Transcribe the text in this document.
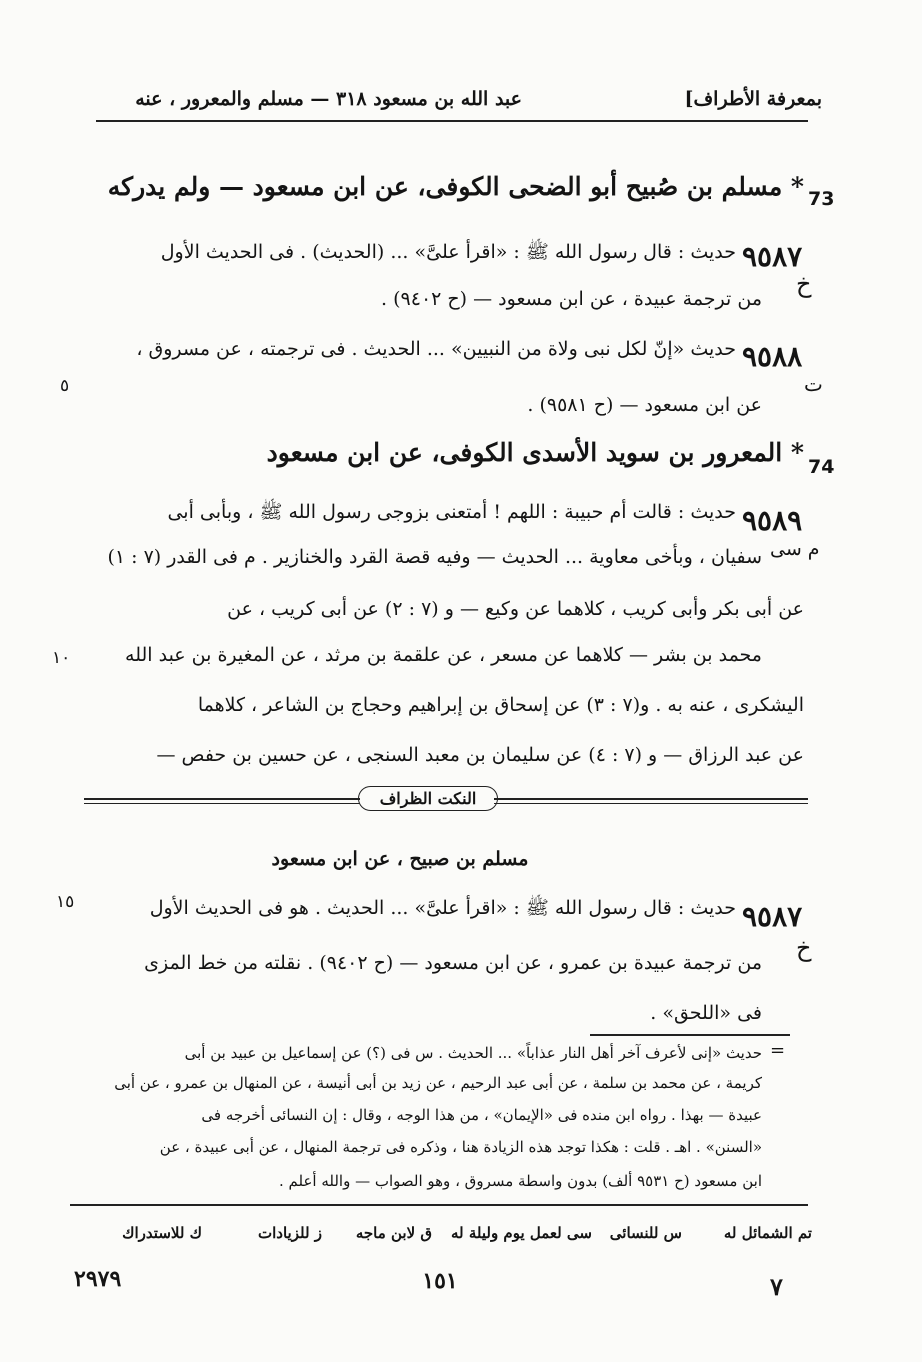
بمعرفة الأطراف]
عبد الله بن مسعود ٣١٨ — مسلم والمعرور ، عنه
73
* مسلم بن صُبيح أبو الضحى الكوفى، عن ابن مسعود — ولم يدركه
٩٥٨٧
حديث : قال رسول الله ﷺ : «اقرأ علىَّ» ... (الحديث) . فى الحديث الأول
خ
من ترجمة عبيدة ، عن ابن مسعود — (ح ٩٤٠٢) .
٩٥٨٨
حديث «إنّ لكل نبى ولاة من النبيين» ... الحديث . فى ترجمته ، عن مسروق ،
ت
عن ابن مسعود — (ح ٩٥٨١) .
٥
74
* المعرور بن سويد الأسدى الكوفى، عن ابن مسعود
٩٥٨٩
حديث : قالت أم حبيبة : اللهم ! أمتعنى بزوجى رسول الله ﷺ ، وبأبى أبى
م سى
سفيان ، وبأخى معاوية ... الحديث — وفيه قصة القرد والخنازير . م فى القدر (٧ : ١)
عن أبى بكر وأبى كريب ، كلاهما عن وكيع — و (٧ : ٢) عن أبى كريب ، عن
محمد بن بشر — كلاهما عن مسعر ، عن علقمة بن مرثد ، عن المغيرة بن عبد الله
١٠
اليشكرى ، عنه به . و(٧ : ٣) عن إسحاق بن إبراهيم وحجاج بن الشاعر ، كلاهما
عن عبد الرزاق — و (٧ : ٤) عن سليمان بن معبد السنجى ، عن حسين بن حفص —
النكت الظراف
مسلم بن صبيح ، عن ابن مسعود
٩٥٨٧
حديث : قال رسول الله ﷺ : «اقرأ علىَّ» ... الحديث . هو فى الحديث الأول
١٥
خ
من ترجمة عبيدة بن عمرو ، عن ابن مسعود — (ح ٩٤٠٢) . نقلته من خط المزى
فى «اللحق» .
=
حديث «إنى لأعرف آخر أهل النار عذاباً» ... الحديث . س فى (؟) عن إسماعيل بن عبيد بن أبى
كريمة ، عن محمد بن سلمة ، عن أبى عبد الرحيم ، عن زيد بن أبى أنيسة ، عن المنهال بن عمرو ، عن أبى
عبيدة — بهذا . رواه ابن منده فى «الإيمان» ، من هذا الوجه ، وقال : إن النسائى أخرجه فى
«السنن» . اهـ . قلت : هكذا توجد هذه الزيادة هنا ، وذكره فى ترجمة المنهال ، عن أبى عبيدة ، عن
ابن مسعود (ح ٩٥٣١ ألف) بدون واسطة مسروق ، وهو الصواب — والله أعلم .
تم الشمائل له
س للنسائى
سى لعمل يوم وليلة له
ق لابن ماجه
ز للزيادات
ك للاستدراك
٧
١٥١
٢٩٧٩
